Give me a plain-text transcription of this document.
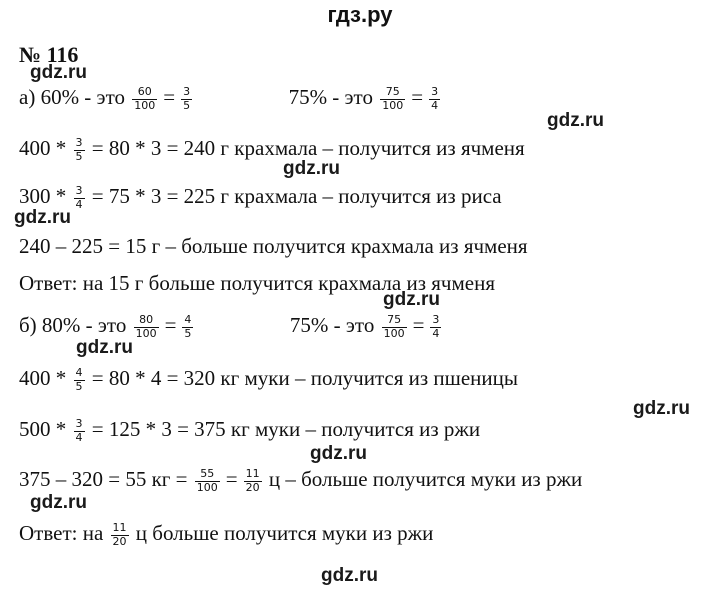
гдз.ру
№ 116
gdz.ru
gdz.ru
gdz.ru
gdz.ru
gdz.ru
gdz.ru
gdz.ru
gdz.ru
gdz.ru
gdz.ru
а) 60% - это $\frac{60}{100} = \frac{3}{5}$	75% - это $\frac{75}{100} = \frac{3}{4}$
$400 * \frac{3}{5} = 80 * 3 = 240$ г крахмала – получится из ячменя
$300 * \frac{3}{4} = 75 * 3 = 225$ г крахмала – получится из риса
240 – 225 = 15 г – больше получится крахмала из ячменя
Ответ: на 15 г больше получится крахмала из ячменя
б) 80% - это $\frac{80}{100} = \frac{4}{5}$	75% - это $\frac{75}{100} = \frac{3}{4}$
$400 * \frac{4}{5} = 80 * 4 = 320$ кг муки – получится из пшеницы
$500 * \frac{3}{4} = 125 * 3 = 375$ кг муки – получится из ржи
375 – 320 = 55 кг = $\frac{55}{100} = \frac{11}{20}$ ц – больше получится муки из ржи
Ответ: на $\frac{11}{20}$ ц больше получится муки из ржи
